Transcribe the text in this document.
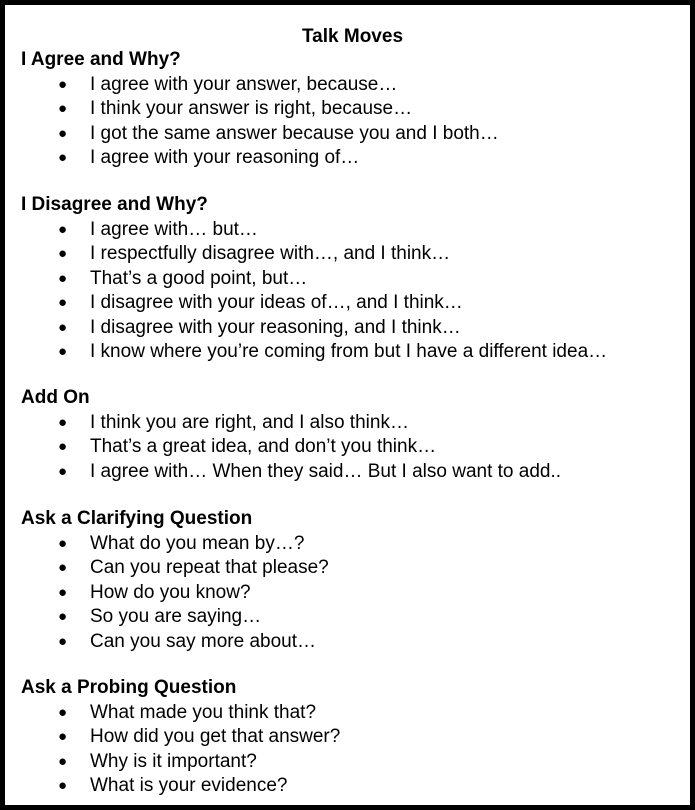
Talk Moves
I Agree and Why?
● I agree with your answer, because…
● I think your answer is right, because…
● I got the same answer because you and I both…
● I agree with your reasoning of…
I Disagree and Why?
● I agree with… but…
● I respectfully disagree with…, and I think…
● That’s a good point, but…
● I disagree with your ideas of…, and I think…
● I disagree with your reasoning, and I think…
● I know where you’re coming from but I have a different idea…
Add On
● I think you are right, and I also think…
● That’s a great idea, and don’t you think…
● I agree with… When they said… But I also want to add..
Ask a Clarifying Question
● What do you mean by…?
● Can you repeat that please?
● How do you know?
● So you are saying…
● Can you say more about…
Ask a Probing Question
● What made you think that?
● How did you get that answer?
● Why is it important?
● What is your evidence?
